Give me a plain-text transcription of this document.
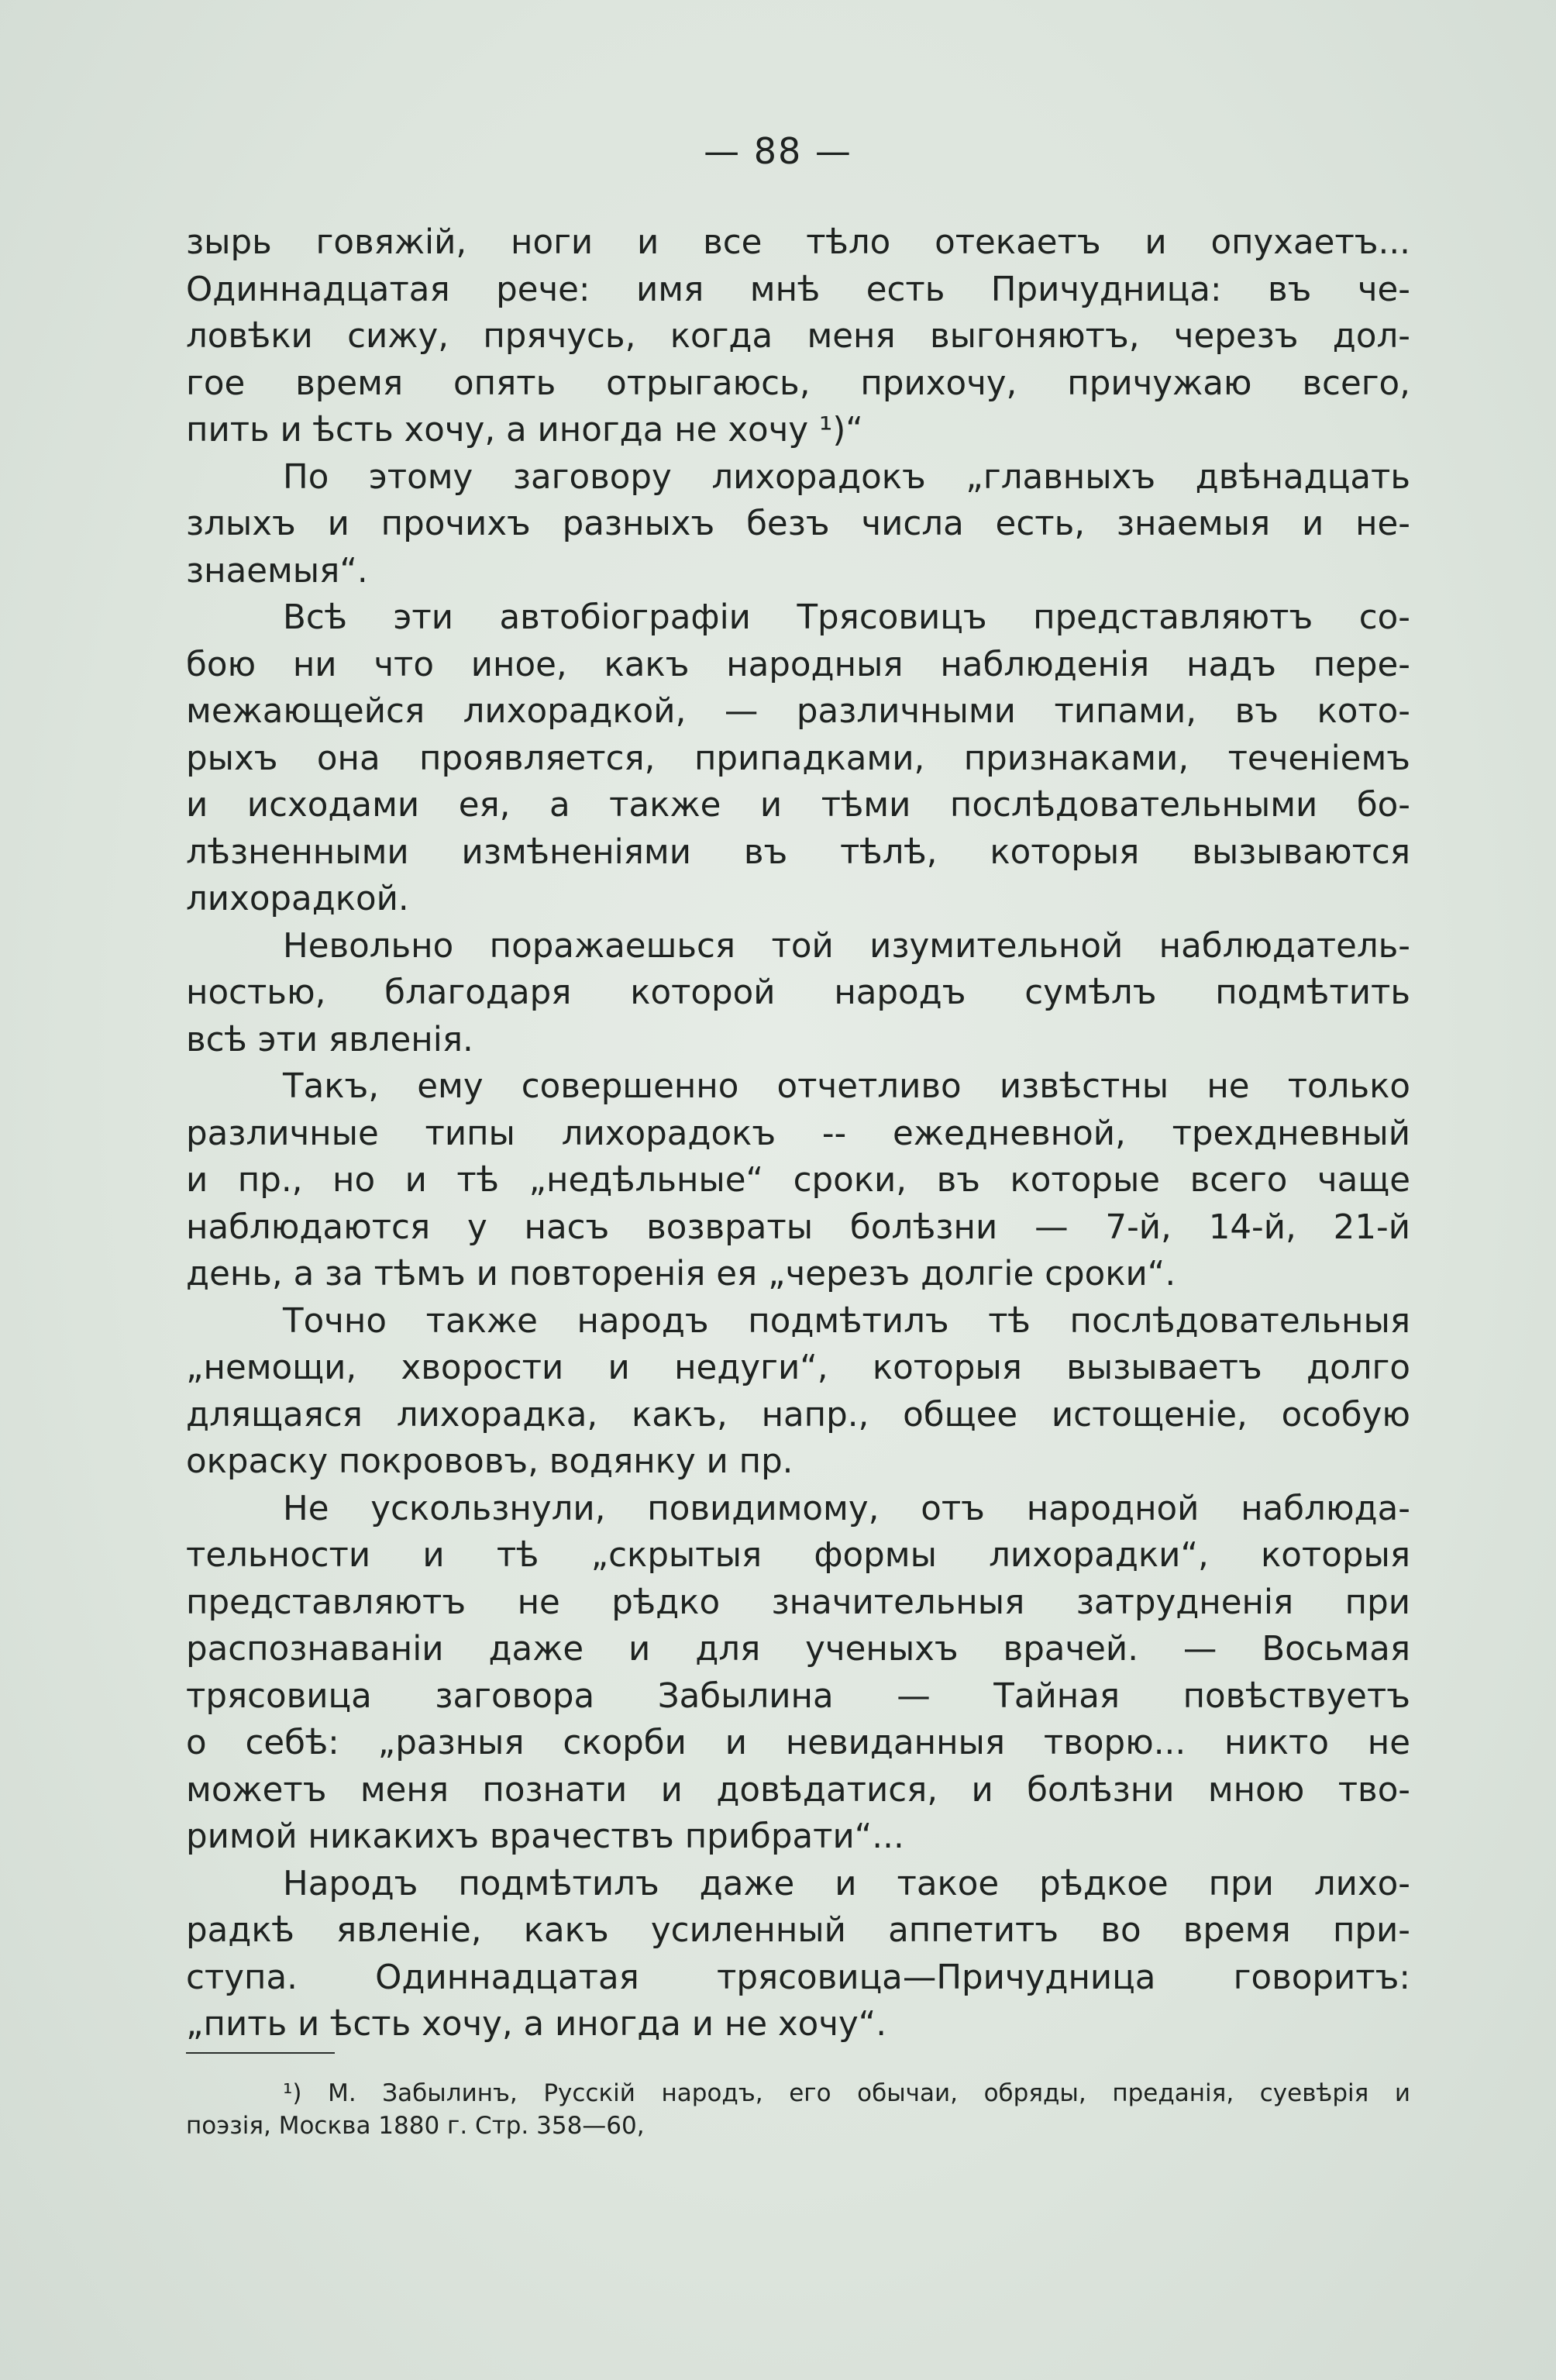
— 88 —
зырь говяжій, ноги и все тѣло отекаетъ и опухаетъ...
Одиннадцатая рече: имя мнѣ есть Причудница: въ че-
ловѣки сижу, прячусь, когда меня выгоняютъ, черезъ дол-
гое время опять отрыгаюсь, прихочу, причужаю всего,
пить и ѣсть хочу, а иногда не хочу ¹)“
По этому заговору лихорадокъ „главныхъ двѣнадцать
злыхъ и прочихъ разныхъ безъ числа есть, знаемыя и не-
знаемыя“.
Всѣ эти автобіографіи Трясовицъ представляютъ со-
бою ни что иное, какъ народныя наблюденія надъ пере-
межающейся лихорадкой, — различными типами, въ кото-
рыхъ она проявляется, припадками, признаками, теченіемъ
и исходами ея, а также и тѣми послѣдовательными бо-
лѣзненными измѣненіями въ тѣлѣ, которыя вызываются
лихорадкой.
Невольно поражаешься той изумительной наблюдатель-
ностью, благодаря которой народъ сумѣлъ подмѣтить
всѣ эти явленія.
Такъ, ему совершенно отчетливо извѣстны не только
различные типы лихорадокъ -- ежедневной, трехдневный
и пр., но и тѣ „недѣльные“ сроки, въ которые всего чаще
наблюдаются у насъ возвраты болѣзни — 7-й, 14-й, 21-й
день, а за тѣмъ и повторенія ея „черезъ долгіе сроки“.
Точно также народъ подмѣтилъ тѣ послѣдовательныя
„немощи, хворости и недуги“, которыя вызываетъ долго
длящаяся лихорадка, какъ, напр., общее истощеніе, особую
окраску покрововъ, водянку и пр.
Не ускользнули, повидимому, отъ народной наблюда-
тельности и тѣ „скрытыя формы лихорадки“, которыя
представляютъ не рѣдко значительныя затрудненія при
распознаваніи даже и для ученыхъ врачей. — Восьмая
трясовица заговора Забылина — Тайная повѣствуетъ
о себѣ: „разныя скорби и невиданныя творю... никто не
можетъ меня познати и довѣдатися, и болѣзни мною тво-
римой никакихъ врачествъ прибрати“...
Народъ подмѣтилъ даже и такое рѣдкое при лихо-
радкѣ явленіе, какъ усиленный аппетитъ во время при-
ступа. Одиннадцатая трясовица—Причудница говоритъ:
„пить и ѣсть хочу, а иногда и не хочу“.
¹) М. Забылинъ, Русскій народъ, его обычаи, обряды, преданія, суевѣрія и
поэзія, Москва 1880 г. Стр. 358—60,
